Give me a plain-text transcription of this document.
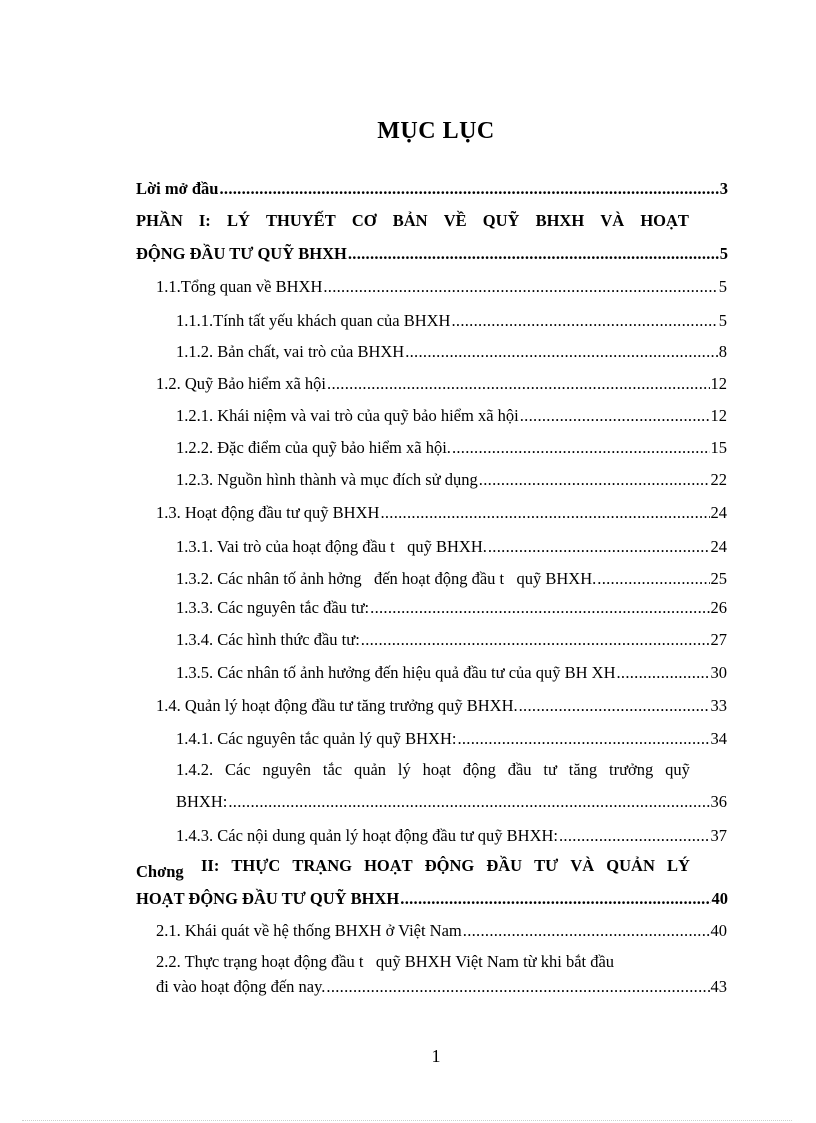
MỤC LỤC
Lời mở đầu .....	3
PHẦN I: LÝ THUYẾT CƠ BẢN VỀ QUỸ BHXH VÀ HOẠT
ĐỘNG ĐẦU TƯ QUỸ BHXH .....	5
1.1.Tổng quan về BHXH .....	5
1.1.1.Tính tất yếu khách quan của BHXH .....	5
1.1.2. Bản chất, vai trò của BHXH .....	8
1.2. Quỹ Bảo hiểm xã hội .....	12
1.2.1. Khái niệm và vai trò của quỹ bảo hiểm xã hội .....	12
1.2.2. Đặc điểm của quỹ bảo hiểm xã hội. .....	15
1.2.3. Nguồn hình thành và mục đích sử dụng .....	22
1.3. Hoạt động đầu tư quỹ BHXH .....	24
1.3.1. Vai trò của hoạt động đầu t   quỹ BHXH. .....	24
1.3.2. Các nhân tố ảnh hởng   đến hoạt động đầu t   quỹ BHXH. .....	25
1.3.3. Các nguyên tắc đầu tư: .....	26
1.3.4. Các hình thức đầu tư: .....	27
1.3.5. Các nhân tố ảnh hưởng đến hiệu quả đầu tư của quỹ BH XH .....	30
1.4. Quản lý hoạt động đầu tư tăng trưởng quỹ BHXH. .....	33
1.4.1. Các nguyên tắc quản lý quỹ BHXH: .....	34
1.4.2. Các nguyên tắc quản lý hoạt động đầu tư tăng trưởng quỹ
BHXH: .....	36
1.4.3. Các nội dung quản lý hoạt động đầu tư quỹ BHXH: .....	37
Chơng II: THỰC TRẠNG HOẠT ĐỘNG ĐẦU TƯ VÀ QUẢN LÝ
HOẠT ĐỘNG ĐẦU TƯ QUỸ BHXH .....	40
2.1. Khái quát về hệ thống BHXH ở Việt Nam .....	40
2.2. Thực trạng hoạt động đầu t   quỹ BHXH Việt Nam từ khi bắt đầu
đi vào hoạt động đến nay. .....	43
1
